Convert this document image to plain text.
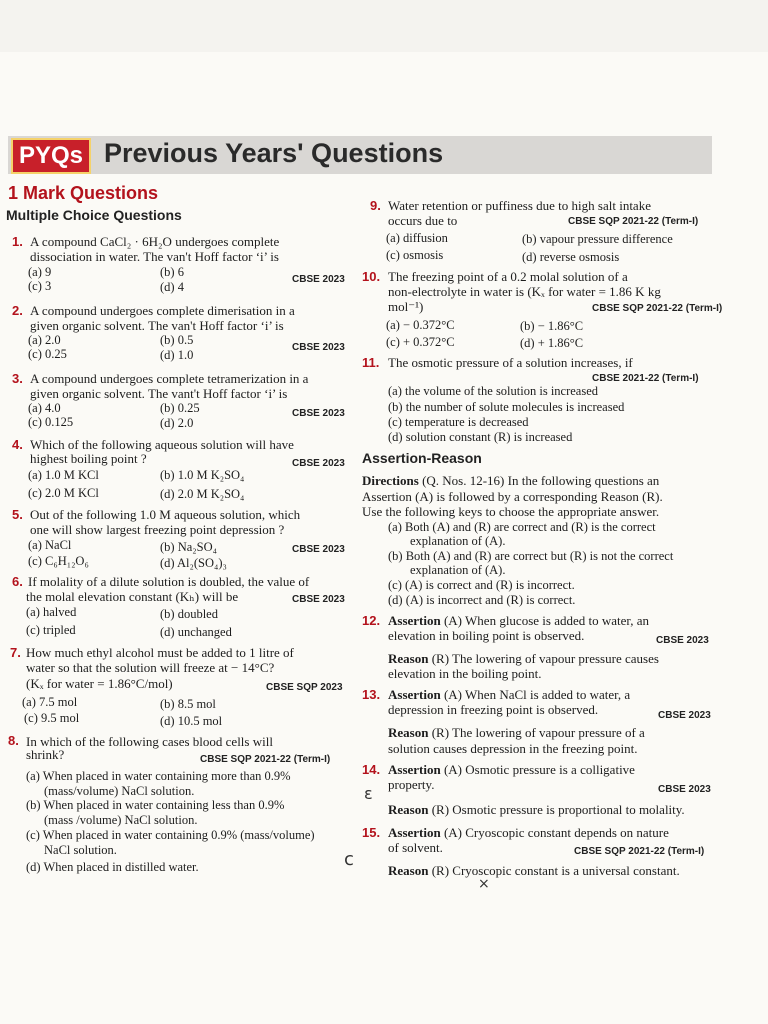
PYQs Previous Years' Questions
1 Mark Questions
Multiple Choice Questions
1. A compound CaCl₂ · 6H₂O undergoes complete
dissociation in water. The van't Hoff factor ‘i’ is
(a) 9	(b) 6
(c) 3	(d) 4
CBSE 2023
2. A compound undergoes complete dimerisation in a
given organic solvent. The van't Hoff factor ‘i’ is
(a) 2.0	(b) 0.5
(c) 0.25	(d) 1.0
CBSE 2023
3. A compound undergoes complete tetramerization in a
given organic solvent. The vant't Hoff factor ‘i’ is
(a) 4.0	(b) 0.25
(c) 0.125	(d) 2.0
CBSE 2023
4. Which of the following aqueous solution will have
highest boiling point ?	CBSE 2023
(a) 1.0 M KCl	(b) 1.0 M K₂SO₄
(c) 2.0 M KCl	(d) 2.0 M K₂SO₄
5. Out of the following 1.0 M aqueous solution, which
one will show largest freezing point depression ?
(a) NaCl	(b) Na₂SO₄	CBSE 2023
(c) C₆H₁₂O₆	(d) Al₂(SO₄)₃
6. If molality of a dilute solution is doubled, the value of
the molal elevation constant (Kₕ) will be	CBSE 2023
(a) halved	(b) doubled
(c) tripled	(d) unchanged
7. How much ethyl alcohol must be added to 1 litre of
water so that the solution will freeze at − 14°C?
(Kₓ for water = 1.86°C/mol)	CBSE SQP 2023
(a) 7.5 mol	(b) 8.5 mol
(c) 9.5 mol	(d) 10.5 mol
8. In which of the following cases blood cells will
shrink?	CBSE SQP 2021-22 (Term-I)
(a) When placed in water containing more than 0.9%
(mass/volume) NaCl solution.
(b) When placed in water containing less than 0.9%
(mass /volume) NaCl solution.
(c) When placed in water containing 0.9% (mass/volume)
NaCl solution.
(d) When placed in distilled water.
9. Water retention or puffiness due to high salt intake
occurs due to	CBSE SQP 2021-22 (Term-I)
(a) diffusion	(b) vapour pressure difference
(c) osmosis	(d) reverse osmosis
10. The freezing point of a 0.2 molal solution of a
non-electrolyte in water is (Kₓ for water = 1.86 K kg
mol⁻¹)	CBSE SQP 2021-22 (Term-I)
(a) − 0.372°C	(b) − 1.86°C
(c) + 0.372°C	(d) + 1.86°C
11. The osmotic pressure of a solution increases, if
CBSE 2021-22 (Term-I)
(a) the volume of the solution is increased
(b) the number of solute molecules is increased
(c) temperature is decreased
(d) solution constant (R) is increased
Assertion-Reason
Directions (Q. Nos. 12-16) In the following questions an
Assertion (A) is followed by a corresponding Reason (R).
Use the following keys to choose the appropriate answer.
(a) Both (A) and (R) are correct and (R) is the correct
explanation of (A).
(b) Both (A) and (R) are correct but (R) is not the correct
explanation of (A).
(c) (A) is correct and (R) is incorrect.
(d) (A) is incorrect and (R) is correct.
12. Assertion (A) When glucose is added to water, an
elevation in boiling point is observed.	CBSE 2023
Reason (R) The lowering of vapour pressure causes
elevation in the boiling point.
13. Assertion (A) When NaCl is added to water, a
depression in freezing point is observed.	CBSE 2023
Reason (R) The lowering of vapour pressure of a
solution causes depression in the freezing point.
14. Assertion (A) Osmotic pressure is a colligative
property.	CBSE 2023
Reason (R) Osmotic pressure is proportional to molality.
15. Assertion (A) Cryoscopic constant depends on nature
of solvent.	CBSE SQP 2021-22 (Term-I)
Reason (R) Cryoscopic constant is a universal constant.
ε
c
×
